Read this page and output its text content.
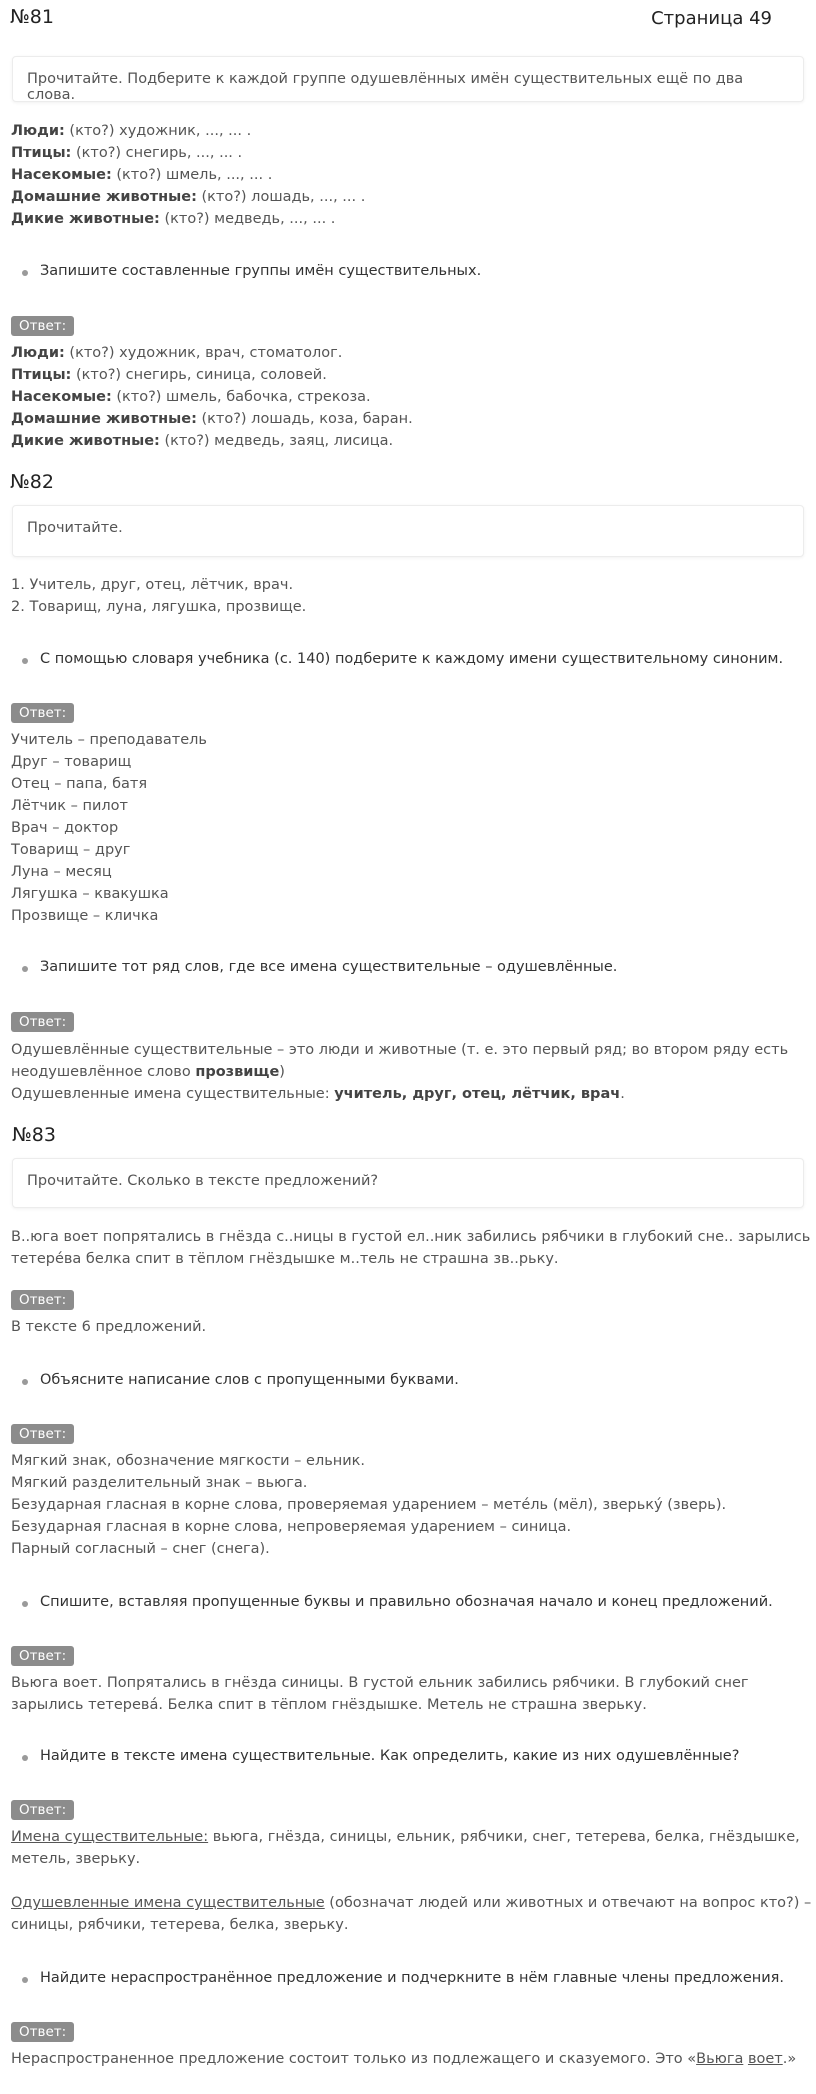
Страница 49
№81
Прочитайте. Подберите к каждой группе одушевлённых имён существительных ещё по два слова.

Люди: (кто?) художник, ..., ... .

Птицы: (кто?) снегирь, ..., ... .

Насекомые: (кто?) шмель, ..., ... .

Домашние животные: (кто?) лошадь, ..., ... .

Дикие животные: (кто?) медведь, ..., ... .

Запишите составленные группы имён существительных.
Ответ:

Люди: (кто?) художник, врач, стоматолог.

Птицы: (кто?) снегирь, синица, соловей.

Насекомые: (кто?) шмель, бабочка, стрекоза.

Домашние животные: (кто?) лошадь, коза, баран.

Дикие животные: (кто?) медведь, заяц, лисица.

№82
Прочитайте.

1. Учитель, друг, отец, лётчик, врач.

2. Товарищ, луна, лягушка, прозвище.

С помощью словаря учебника (с. 140) подберите к каждому имени существительному синоним.
Ответ:

Учитель – преподаватель

Друг – товарищ

Отец – папа, батя

Лётчик – пилот

Врач – доктор

Товарищ – друг

Луна – месяц

Лягушка – квакушка

Прозвище – кличка

Запишите тот ряд слов, где все имена существительные – одушевлённые.
Ответ:

Одушевлённые существительные – это люди и животные (т. е. это первый ряд; во втором ряду есть

неодушевлённое слово прозвище)

Одушевленные имена существительные: учитель, друг, отец, лётчик, врач.

№83
Прочитайте. Сколько в тексте предложений?

В..юга воет попрятались в гнёзда с..ницы в густой ел..ник забились рябчики в глубокий сне.. зарылись

тетере́ва белка спит в тёплом гнёздышке м..тель не страшна зв..рьку.

Ответ:

В тексте 6 предложений.

Объясните написание слов с пропущенными буквами.
Ответ:

Мягкий знак, обозначение мягкости – ельник.

Мягкий разделительный знак – вьюга.

Безударная гласная в корне слова, проверяемая ударением – мете́ль (мёл), зверьку́ (зверь).

Безударная гласная в корне слова, непроверяемая ударением – синица.

Парный согласный – снег (снега).

Спишите, вставляя пропущенные буквы и правильно обозначая начало и конец предложений.
Ответ:

Вьюга воет. Попрятались в гнёзда синицы. В густой ельник забились рябчики. В глубокий снег

зарылись тетерева́. Белка спит в тёплом гнёздышке. Метель не страшна зверьку.

Найдите в тексте имена существительные. Как определить, какие из них одушевлённые?
Ответ:

Имена существительные: вьюга, гнёзда, синицы, ельник, рябчики, снег, тетерева, белка, гнёздышке,

метель, зверьку.

Одушевленные имена существительные (обозначат людей или животных и отвечают на вопрос кто?) –

синицы, рябчики, тетерева, белка, зверьку.

Найдите нераспространённое предложение и подчеркните в нём главные члены предложения.
Ответ:

Нераспространенное предложение состоит только из подлежащего и сказуемого. Это «Вьюга воет.»
